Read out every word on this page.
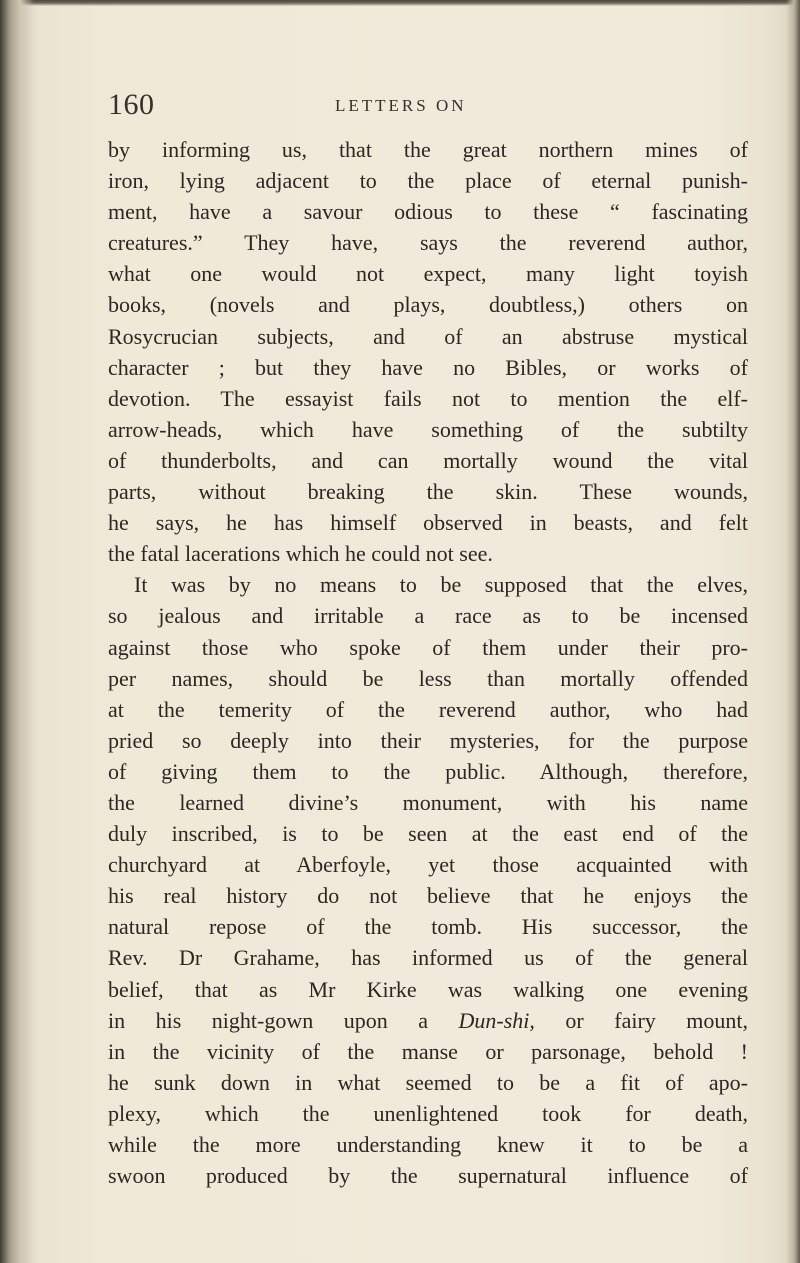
160	LETTERS ON
by informing us, that the great northern mines of
iron, lying adjacent to the place of eternal punish-
ment, have a savour odious to these “ fascinating
creatures.” They have, says the reverend author,
what one would not expect, many light toyish
books, (novels and plays, doubtless,) others on
Rosycrucian subjects, and of an abstruse mystical
character ; but they have no Bibles, or works of
devotion. The essayist fails not to mention the elf-
arrow-heads, which have something of the subtilty
of thunderbolts, and can mortally wound the vital
parts, without breaking the skin. These wounds,
he says, he has himself observed in beasts, and felt
the fatal lacerations which he could not see.
It was by no means to be supposed that the elves,
so jealous and irritable a race as to be incensed
against those who spoke of them under their pro-
per names, should be less than mortally offended
at the temerity of the reverend author, who had
pried so deeply into their mysteries, for the purpose
of giving them to the public. Although, therefore,
the learned divine’s monument, with his name
duly inscribed, is to be seen at the east end of the
churchyard at Aberfoyle, yet those acquainted with
his real history do not believe that he enjoys the
natural repose of the tomb. His successor, the
Rev. Dr Grahame, has informed us of the general
belief, that as Mr Kirke was walking one evening
in his night-gown upon a Dun-shi, or fairy mount,
in the vicinity of the manse or parsonage, behold !
he sunk down in what seemed to be a fit of apo-
plexy, which the unenlightened took for death,
while the more understanding knew it to be a
swoon produced by the supernatural influence of
